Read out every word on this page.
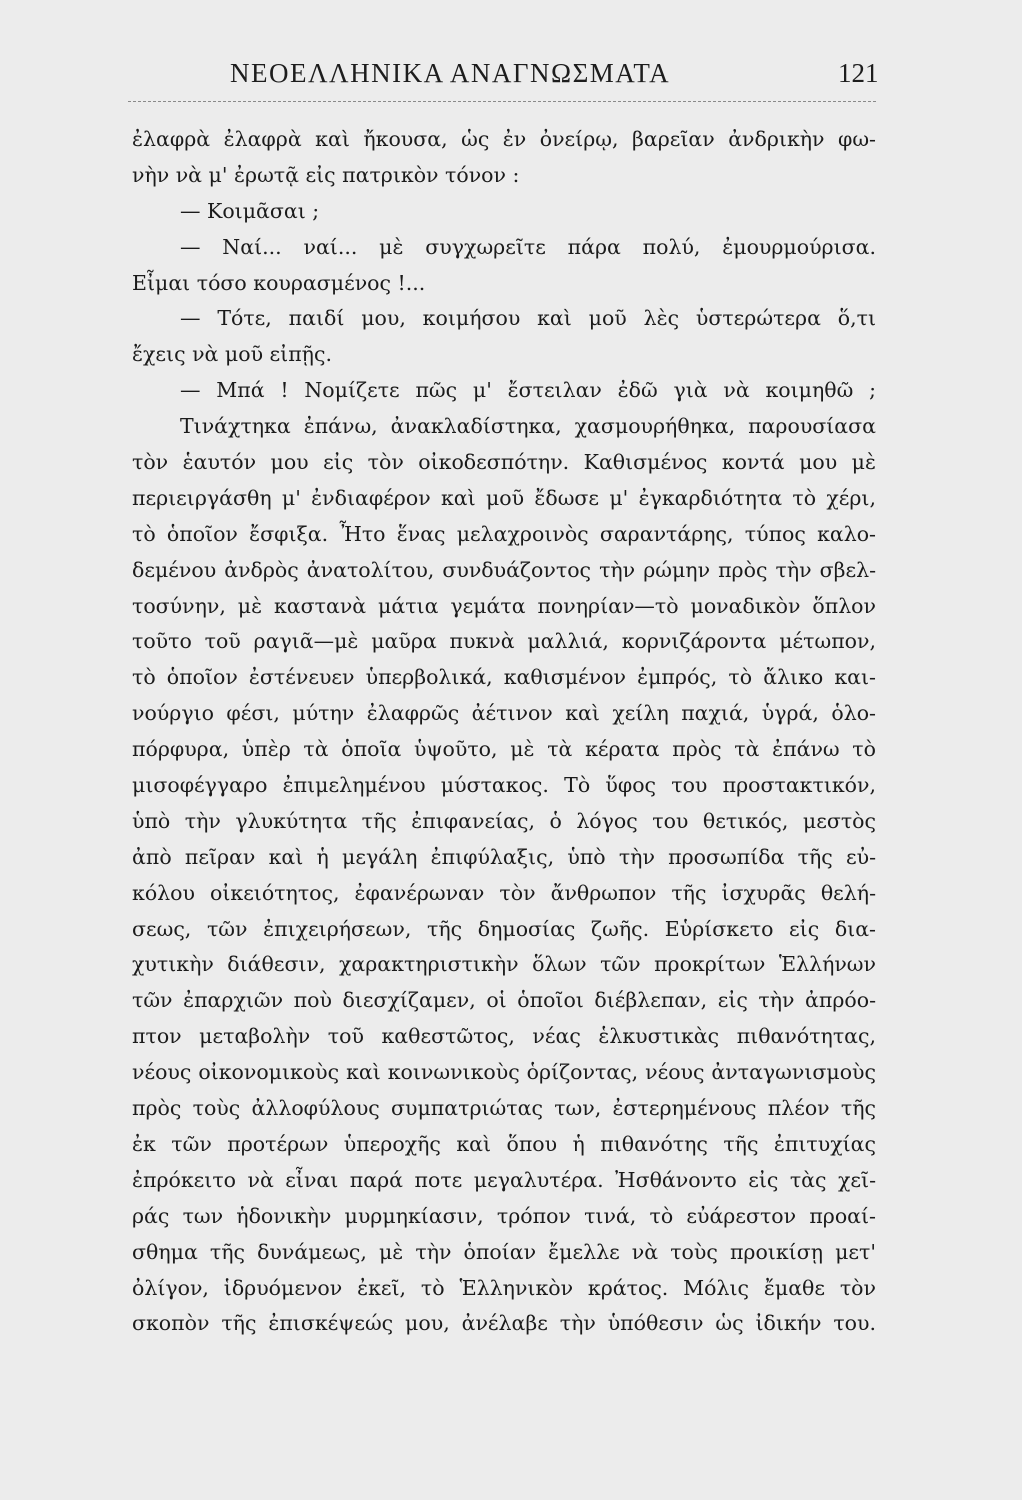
ΝΕΟΕΛΛΗΝΙΚΑ ΑΝΑΓΝΩΣΜΑΤΑ	121
ἐλαφρὰ ἐλαφρὰ καὶ ἤκουσα, ὡς ἐν ὀνείρῳ, βαρεῖαν ἀνδρικὴν φω-
νὴν νὰ μ' ἐρωτᾷ εἰς πατρικὸν τόνον :
— Κοιμᾶσαι ;
— Ναί... ναί... μὲ συγχωρεῖτε πάρα πολύ, ἐμουρμούρισα.
Εἶμαι τόσο κουρασμένος !...
— Τότε, παιδί μου, κοιμήσου καὶ μοῦ λὲς ὑστερώτερα ὅ,τι
ἔχεις νὰ μοῦ εἰπῇς.
— Μπά ! Νομίζετε πῶς μ' ἔστειλαν ἐδῶ γιὰ νὰ κοιμηθῶ ;
Τινάχτηκα ἐπάνω, ἀνακλαδίστηκα, χασμουρήθηκα, παρουσίασα
τὸν ἑαυτόν μου εἰς τὸν οἰκοδεσπότην. Καθισμένος κοντά μου μὲ
περιειργάσθη μ' ἐνδιαφέρον καὶ μοῦ ἔδωσε μ' ἐγκαρδιότητα τὸ χέρι,
τὸ ὁποῖον ἔσφιξα. Ἦτο ἕνας μελαχροινὸς σαραντάρης, τύπος καλο-
δεμένου ἀνδρὸς ἀνατολίτου, συνδυάζοντος τὴν ρώμην πρὸς τὴν σβελ-
τοσύνην, μὲ καστανὰ μάτια γεμάτα πονηρίαν—τὸ μοναδικὸν ὅπλον
τοῦτο τοῦ ραγιᾶ—μὲ μαῦρα πυκνὰ μαλλιά, κορνιζάροντα μέτωπον,
τὸ ὁποῖον ἐστένευεν ὑπερβολικά, καθισμένον ἐμπρός, τὸ ἄλικο και-
νούργιο φέσι, μύτην ἐλαφρῶς ἀέτινον καὶ χείλη παχιά, ὑγρά, ὁλο-
πόρφυρα, ὑπὲρ τὰ ὁποῖα ὑψοῦτο, μὲ τὰ κέρατα πρὸς τὰ ἐπάνω τὸ
μισοφέγγαρο ἐπιμελημένου μύστακος. Τὸ ὕφος του προστακτικόν,
ὑπὸ τὴν γλυκύτητα τῆς ἐπιφανείας, ὁ λόγος του θετικός, μεστὸς
ἀπὸ πεῖραν καὶ ἡ μεγάλη ἐπιφύλαξις, ὑπὸ τὴν προσωπίδα τῆς εὐ-
κόλου οἰκειότητος, ἐφανέρωναν τὸν ἄνθρωπον τῆς ἰσχυρᾶς θελή-
σεως, τῶν ἐπιχειρήσεων, τῆς δημοσίας ζωῆς. Εὑρίσκετο εἰς δια-
χυτικὴν διάθεσιν, χαρακτηριστικὴν ὅλων τῶν προκρίτων Ἑλλήνων
τῶν ἐπαρχιῶν ποὺ διεσχίζαμεν, οἱ ὁποῖοι διέβλεπαν, εἰς τὴν ἀπρόο-
πτον μεταβολὴν τοῦ καθεστῶτος, νέας ἑλκυστικὰς πιθανότητας,
νέους οἰκονομικοὺς καὶ κοινωνικοὺς ὁρίζοντας, νέους ἀνταγωνισμοὺς
πρὸς τοὺς ἀλλοφύλους συμπατριώτας των, ἐστερημένους πλέον τῆς
ἐκ τῶν προτέρων ὑπεροχῆς καὶ ὅπου ἡ πιθανότης τῆς ἐπιτυχίας
ἐπρόκειτο νὰ εἶναι παρά ποτε μεγαλυτέρα. Ἠσθάνοντο εἰς τὰς χεῖ-
ράς των ἡδονικὴν μυρμηκίασιν, τρόπον τινά, τὸ εὐάρεστον προαί-
σθημα τῆς δυνάμεως, μὲ τὴν ὁποίαν ἔμελλε νὰ τοὺς προικίσῃ μετ'
ὀλίγον, ἱδρυόμενον ἐκεῖ, τὸ Ἑλληνικὸν κράτος. Μόλις ἔμαθε τὸν
σκοπὸν τῆς ἐπισκέψεώς μου, ἀνέλαβε τὴν ὑπόθεσιν ὡς ἰδικήν του.
